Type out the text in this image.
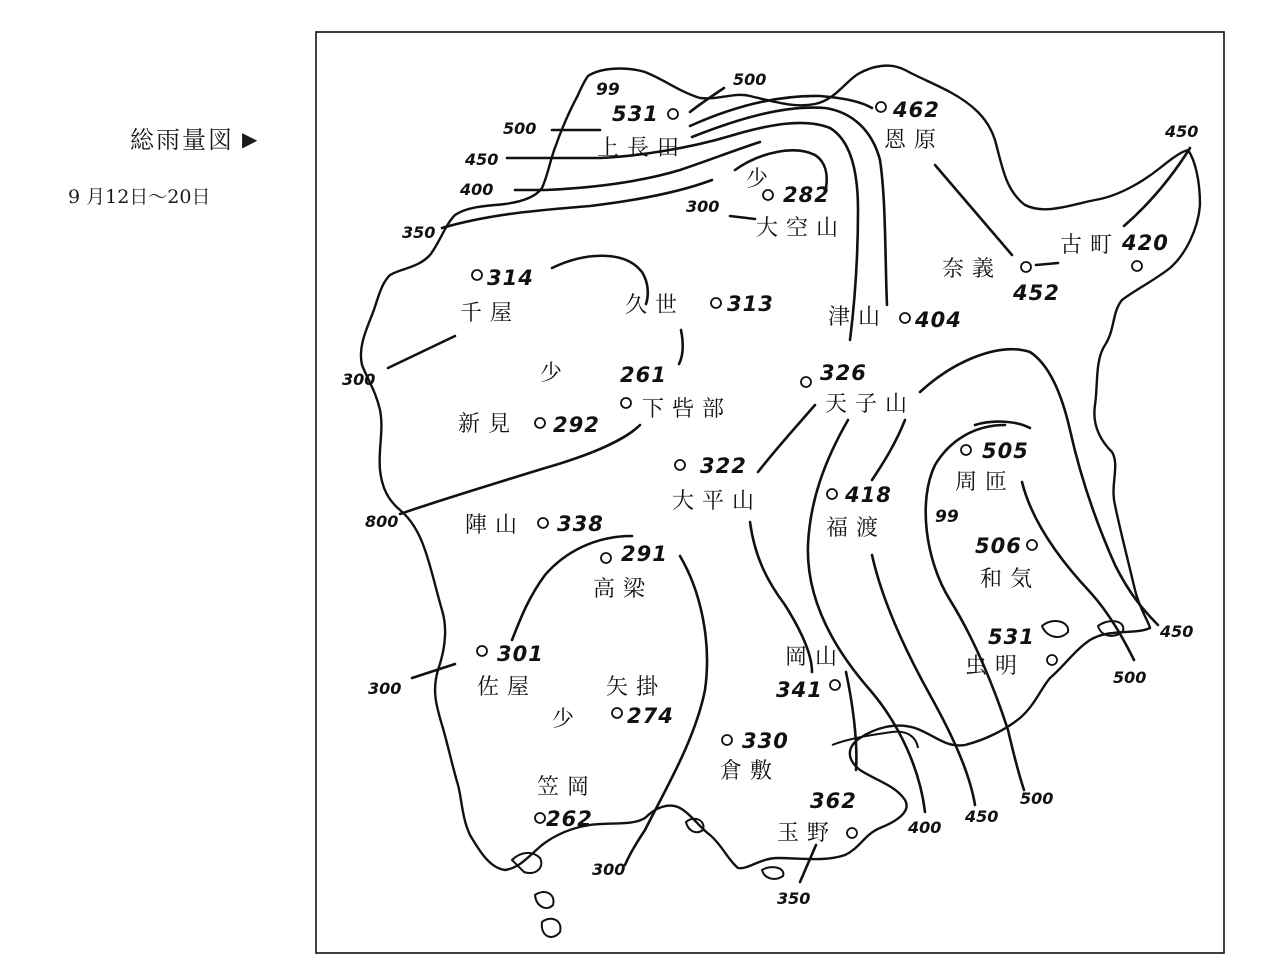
総雨量図 ▶
9 月12日～20日
531	462
282
420
452
314
313
404
261	326
292
505
322
418
338
291	506
301
274
341
531
330
262
362
上長田	恩原
大空山
古町
奈義
千屋	久世	津山
下呰部	天子山
新見
周匝
大平山
福渡
陣山
高梁	和気
佐屋	矢掛
岡山	虫明
倉敷
笠岡
玉野
500
500
450
400
350
300
450
300
800
300
450
500
400
450
500
350
300
99
少
少
99
少
